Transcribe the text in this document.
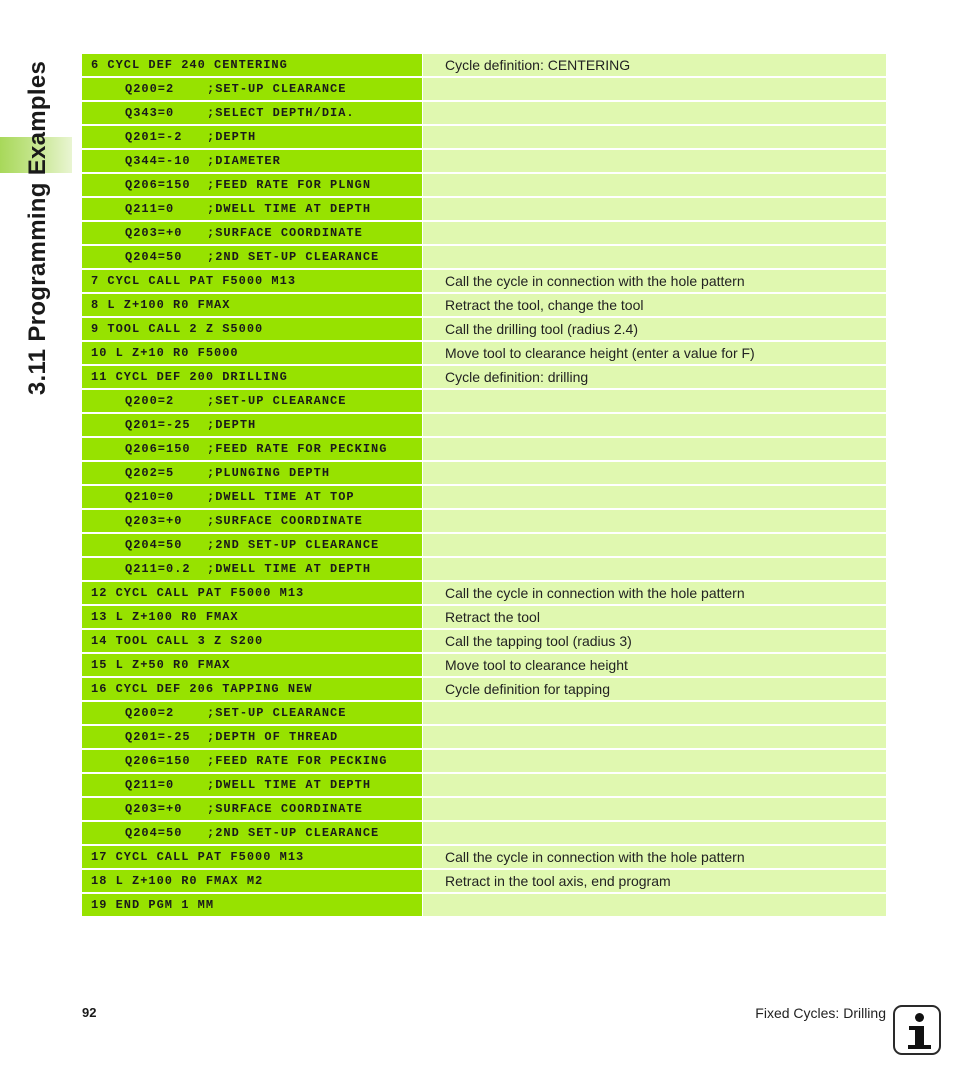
3.11 Programming Examples	6 CYCL DEF 240 CENTERING	Cycle definition: CENTERING
Q200=2    ;SET-UP CLEARANCE
Q343=0    ;SELECT DEPTH/DIA.
Q201=-2   ;DEPTH
Q344=-10  ;DIAMETER
Q206=150  ;FEED RATE FOR PLNGN
Q211=0    ;DWELL TIME AT DEPTH
Q203=+0   ;SURFACE COORDINATE
Q204=50   ;2ND SET-UP CLEARANCE
7 CYCL CALL PAT F5000 M13	Call the cycle in connection with the hole pattern
8 L Z+100 R0 FMAX	Retract the tool, change the tool
9 TOOL CALL 2 Z S5000	Call the drilling tool (radius 2.4)
10 L Z+10 R0 F5000	Move tool to clearance height (enter a value for F)
11 CYCL DEF 200 DRILLING	Cycle definition: drilling
Q200=2    ;SET-UP CLEARANCE
Q201=-25  ;DEPTH
Q206=150  ;FEED RATE FOR PECKING
Q202=5    ;PLUNGING DEPTH
Q210=0    ;DWELL TIME AT TOP
Q203=+0   ;SURFACE COORDINATE
Q204=50   ;2ND SET-UP CLEARANCE
Q211=0.2  ;DWELL TIME AT DEPTH
12 CYCL CALL PAT F5000 M13	Call the cycle in connection with the hole pattern
13 L Z+100 R0 FMAX	Retract the tool
14 TOOL CALL 3 Z S200	Call the tapping tool (radius 3)
15 L Z+50 R0 FMAX	Move tool to clearance height
16 CYCL DEF 206 TAPPING NEW	Cycle definition for tapping
Q200=2    ;SET-UP CLEARANCE
Q201=-25  ;DEPTH OF THREAD
Q206=150  ;FEED RATE FOR PECKING
Q211=0    ;DWELL TIME AT DEPTH
Q203=+0   ;SURFACE COORDINATE
Q204=50   ;2ND SET-UP CLEARANCE
17 CYCL CALL PAT F5000 M13	Call the cycle in connection with the hole pattern
18 L Z+100 R0 FMAX M2	Retract in the tool axis, end program
19 END PGM 1 MM
92	Fixed Cycles: Drilling
